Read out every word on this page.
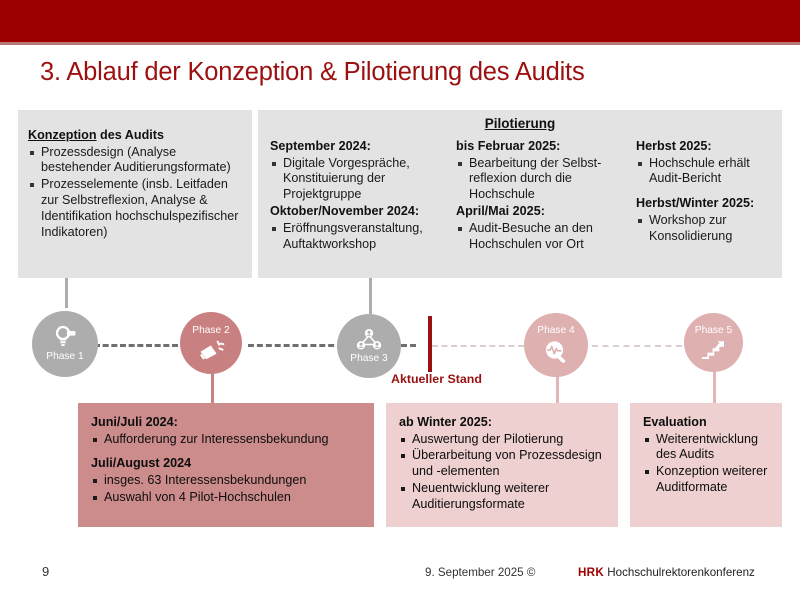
3. Ablauf der Konzeption & Pilotierung des Audits
Konzeption des Audits
Prozessdesign (Analyse bestehender Auditierungsformate)
Prozesselemente (insb. Leitfaden zur Selbstreflexion, Analyse & Identifikation hochschulspezifischer Indikatoren)
Pilotierung
September 2024:
Digitale Vorgespräche, Konstituierung der Projektgruppe
Oktober/November 2024:
Eröffnungsveranstaltung, Auftaktworkshop
bis Februar 2025:
Bearbeitung der Selbst-reflexion durch die Hochschule
April/Mai 2025:
Audit-Besuche an den Hochschulen vor Ort
Herbst 2025:
Hochschule erhält Audit-Bericht
Herbst/Winter 2025:
Workshop zur Konsolidierung
Phase 1
Phase 2
Phase 3
Phase 4	Phase 5
Aktueller Stand
Juni/Juli 2024:
Aufforderung zur Interessensbekundung
Juli/August 2024
insges. 63 Interessensbekundungen
Auswahl von 4 Pilot-Hochschulen
ab Winter 2025:
Auswertung der Pilotierung
Überarbeitung von Prozessdesign und -elementen
Neuentwicklung weiterer Auditierungsformate
Evaluation
Weiterentwicklung des Audits
Konzeption weiterer Auditformate
9	9. September 2025 ©	HRK Hochschulrektorenkonferenz
